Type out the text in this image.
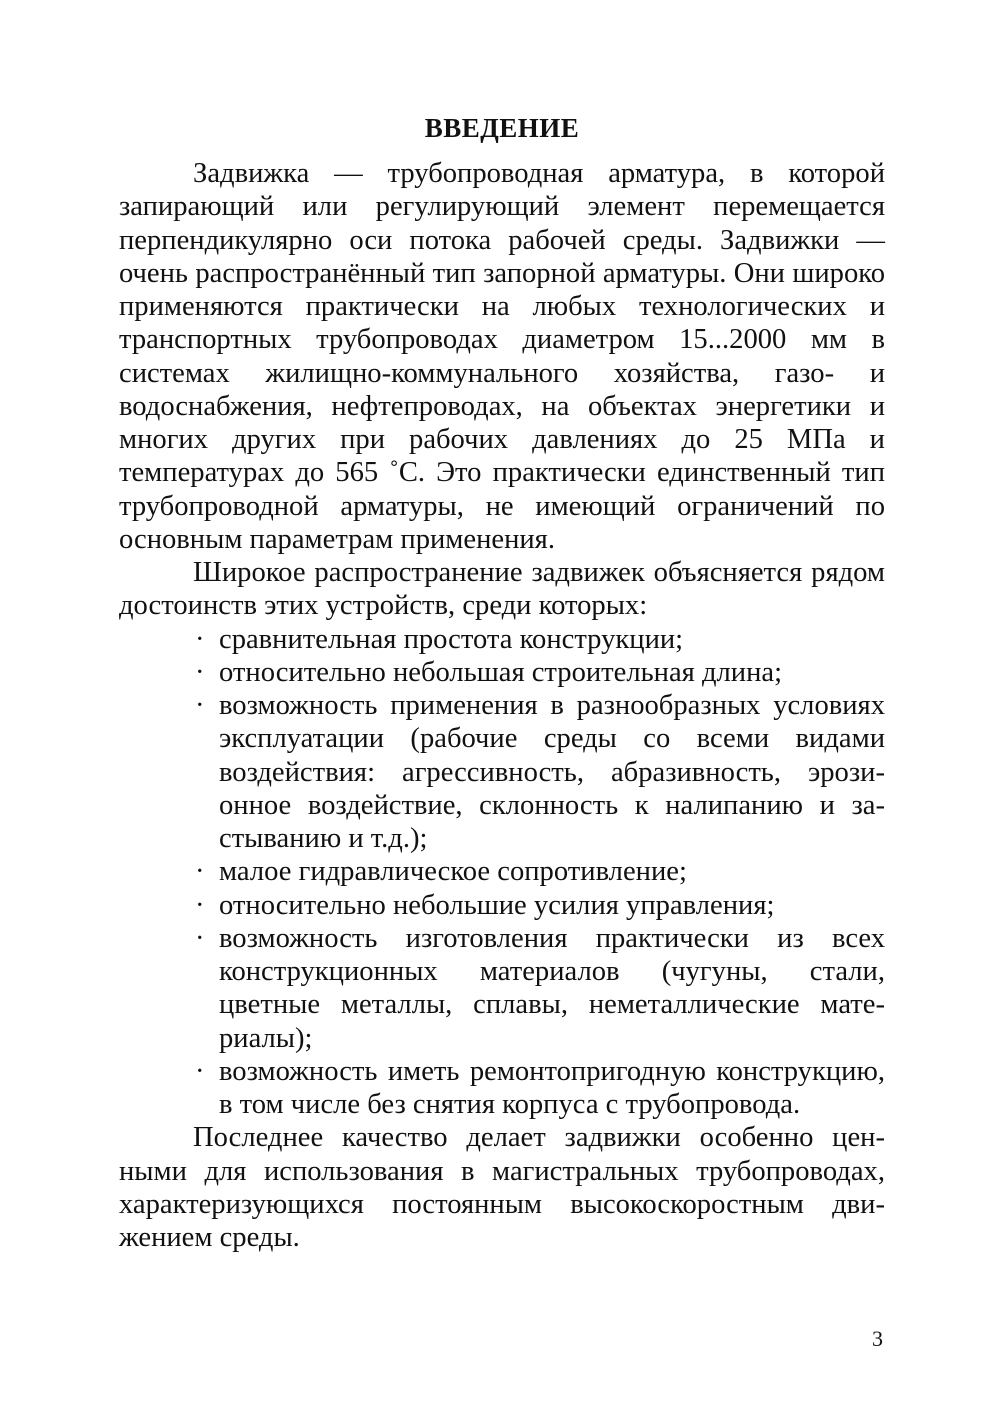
ВВЕДЕНИЕ

Задвижка — трубопроводная арматура, в которой запирающий или регулирующий элемент перемещается перпендикулярно оси потока рабочей среды. Задвижки — очень распространённый тип запорной арматуры. Они широко применяются практически на любых технологических и транспортных трубопроводах диаметром 15...2000 мм в системах жилищно-коммунального хозяйства, газо- и водоснабжения, нефтепроводах, на объектах энергетики и многих других при рабочих давлениях до 25 МПа и температурах до 565 ˚С. Это практически единственный тип трубопроводной арматуры, не имеющий ограничений по основным параметрам применения.

Широкое распространение задвижек объясняется рядом достоинств этих устройств, среди которых:

· сравнительная простота конструкции;
· относительно небольшая строительная длина;
· возможность применения в разнообразных условиях эксплуатации (рабочие среды со всеми видами воздействия: агрессивность, абразивность, эрозионное воздействие, склонность к налипанию и застыванию и т.д.);
· малое гидравлическое сопротивление;
· относительно небольшие усилия управления;
· возможность изготовления практически из всех конструкционных материалов (чугуны, стали, цветные металлы, сплавы, неметаллические материалы);
· возможность иметь ремонтопригодную конструкцию, в том числе без снятия корпуса с трубопровода.

Последнее качество делает задвижки особенно ценными для использования в магистральных трубопроводах, характеризующихся постоянным высокоскоростным движением среды.

3
